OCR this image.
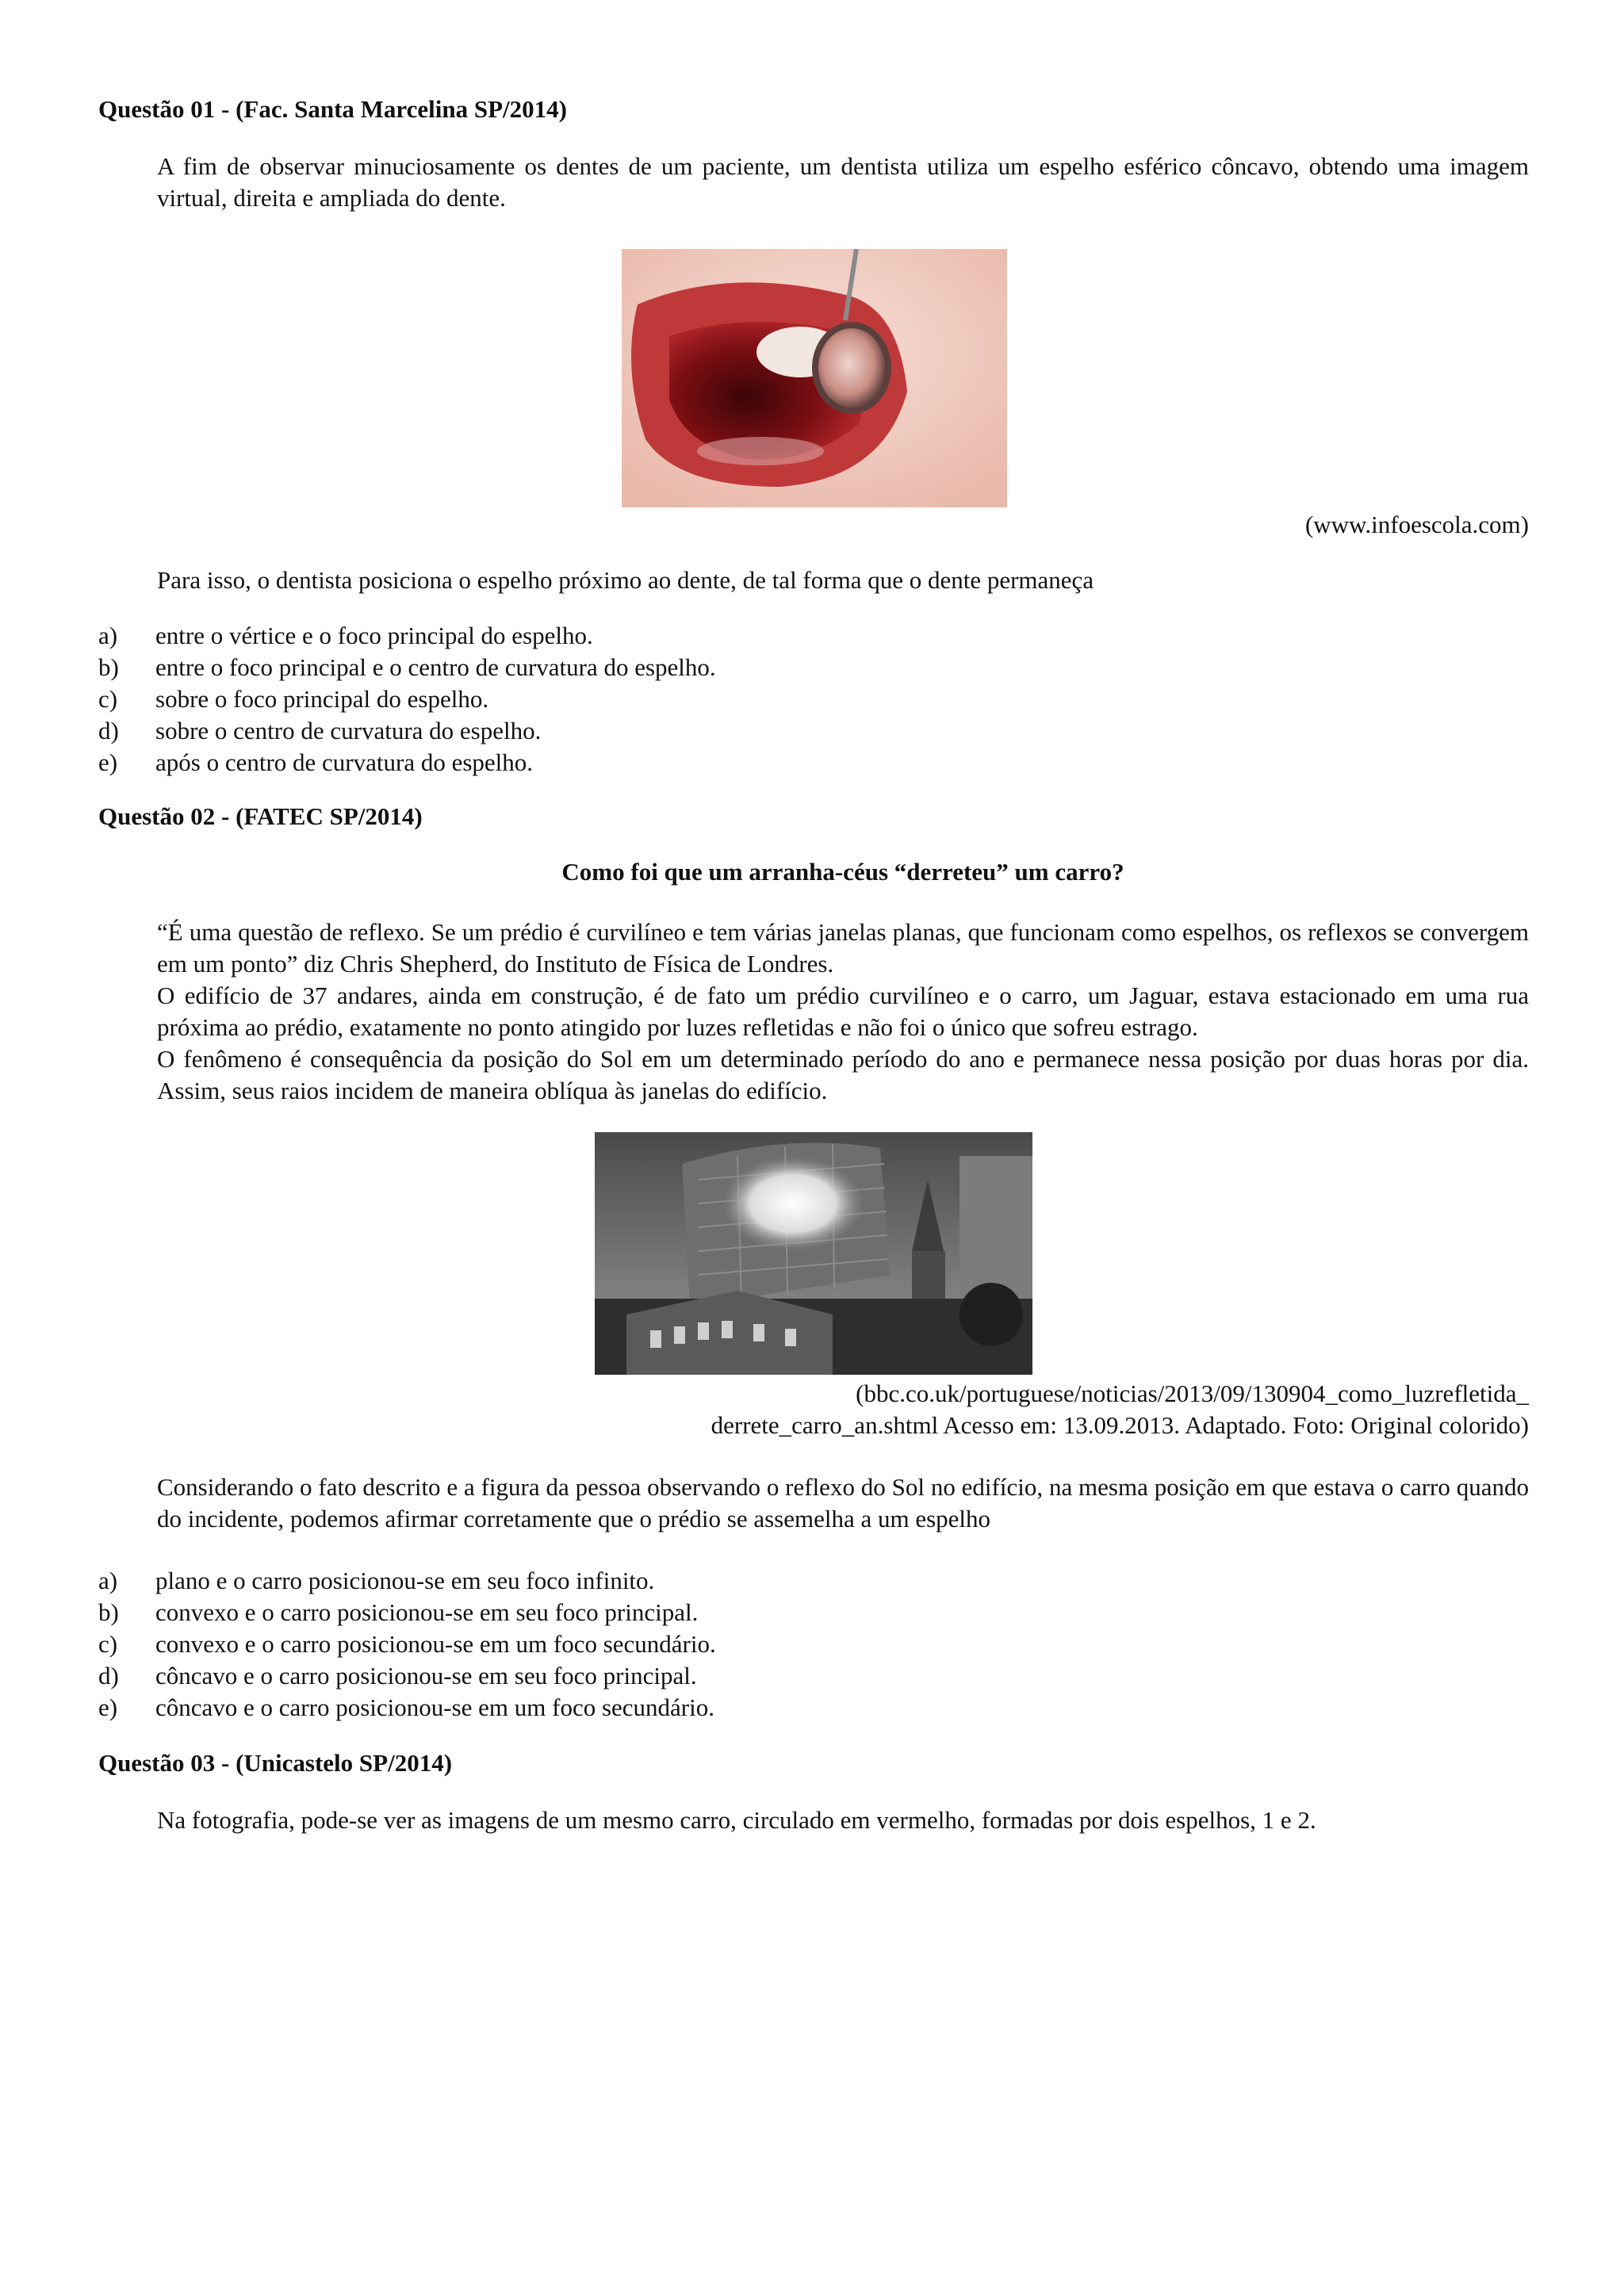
Questão 01 - (Fac. Santa Marcelina SP/2014)

A fim de observar minuciosamente os dentes de um paciente, um dentista utiliza um espelho esférico côncavo, obtendo uma imagem virtual, direita e ampliada do dente.

(www.infoescola.com)

Para isso, o dentista posiciona o espelho próximo ao dente, de tal forma que o dente permaneça

a)	entre o vértice e o foco principal do espelho.
b)	entre o foco principal e o centro de curvatura do espelho.
c)	sobre o foco principal do espelho.
d)	sobre o centro de curvatura do espelho.
e)	após o centro de curvatura do espelho.

Questão 02 - (FATEC SP/2014)

Como foi que um arranha-céus “derreteu” um carro?

“É uma questão de reflexo. Se um prédio é curvilíneo e tem várias janelas planas, que funcionam como espelhos, os reflexos se convergem em um ponto” diz Chris Shepherd, do Instituto de Física de Londres.

O edifício de 37 andares, ainda em construção, é de fato um prédio curvilíneo e o carro, um Jaguar, estava estacionado em uma rua próxima ao prédio, exatamente no ponto atingido por luzes refletidas e não foi o único que sofreu estrago.

O fenômeno é consequência da posição do Sol em um determinado período do ano e permanece nessa posição por duas horas por dia. Assim, seus raios incidem de maneira oblíqua às janelas do edifício.

(bbc.co.uk/portuguese/noticias/2013/09/130904_como_luzrefletida_

derrete_carro_an.shtml Acesso em: 13.09.2013. Adaptado. Foto: Original colorido)

Considerando o fato descrito e a figura da pessoa observando o reflexo do Sol no edifício, na mesma posição em que estava o carro quando do incidente, podemos afirmar corretamente que o prédio se assemelha a um espelho

a)	plano e o carro posicionou-se em seu foco infinito.
b)	convexo e o carro posicionou-se em seu foco principal.
c)	convexo e o carro posicionou-se em um foco secundário.
d)	côncavo e o carro posicionou-se em seu foco principal.
e)	côncavo e o carro posicionou-se em um foco secundário.

Questão 03 - (Unicastelo SP/2014)

Na fotografia, pode-se ver as imagens de um mesmo carro, circulado em vermelho, formadas por dois espelhos, 1 e 2.
